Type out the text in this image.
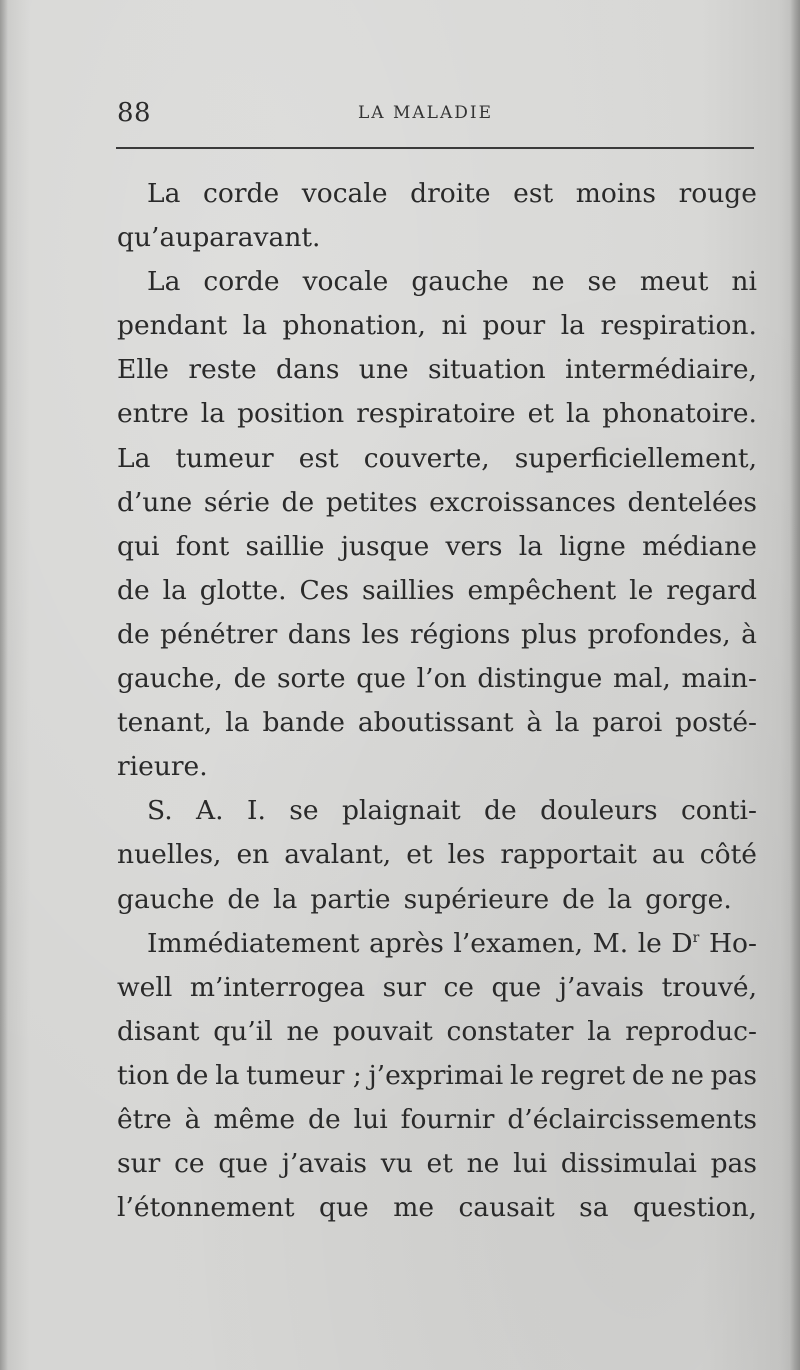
88	LA MALADIE
La corde vocale droite est moins rouge
qu’auparavant.
La corde vocale gauche ne se meut ni
pendant la phonation, ni pour la respiration.
Elle reste dans une situation intermédiaire,
entre la position respiratoire et la phonatoire.
La tumeur est couverte, superficiellement,
d’une série de petites excroissances dentelées
qui font saillie jusque vers la ligne médiane
de la glotte. Ces saillies empêchent le regard
de pénétrer dans les régions plus profondes, à
gauche, de sorte que l’on distingue mal, main-
tenant, la bande aboutissant à la paroi posté-
rieure.
S. A. I. se plaignait de douleurs conti-
nuelles, en avalant, et les rapportait au côté
gauche de la partie supérieure de la gorge.
Immédiatement après l’examen, M. le $D^r$ Ho-
well m’interrogea sur ce que j’avais trouvé,
disant qu’il ne pouvait constater la reproduc-
tion de la tumeur ; j’exprimai le regret de ne pas
être à même de lui fournir d’éclaircissements
sur ce que j’avais vu et ne lui dissimulai pas
l’étonnement que me causait sa question,
